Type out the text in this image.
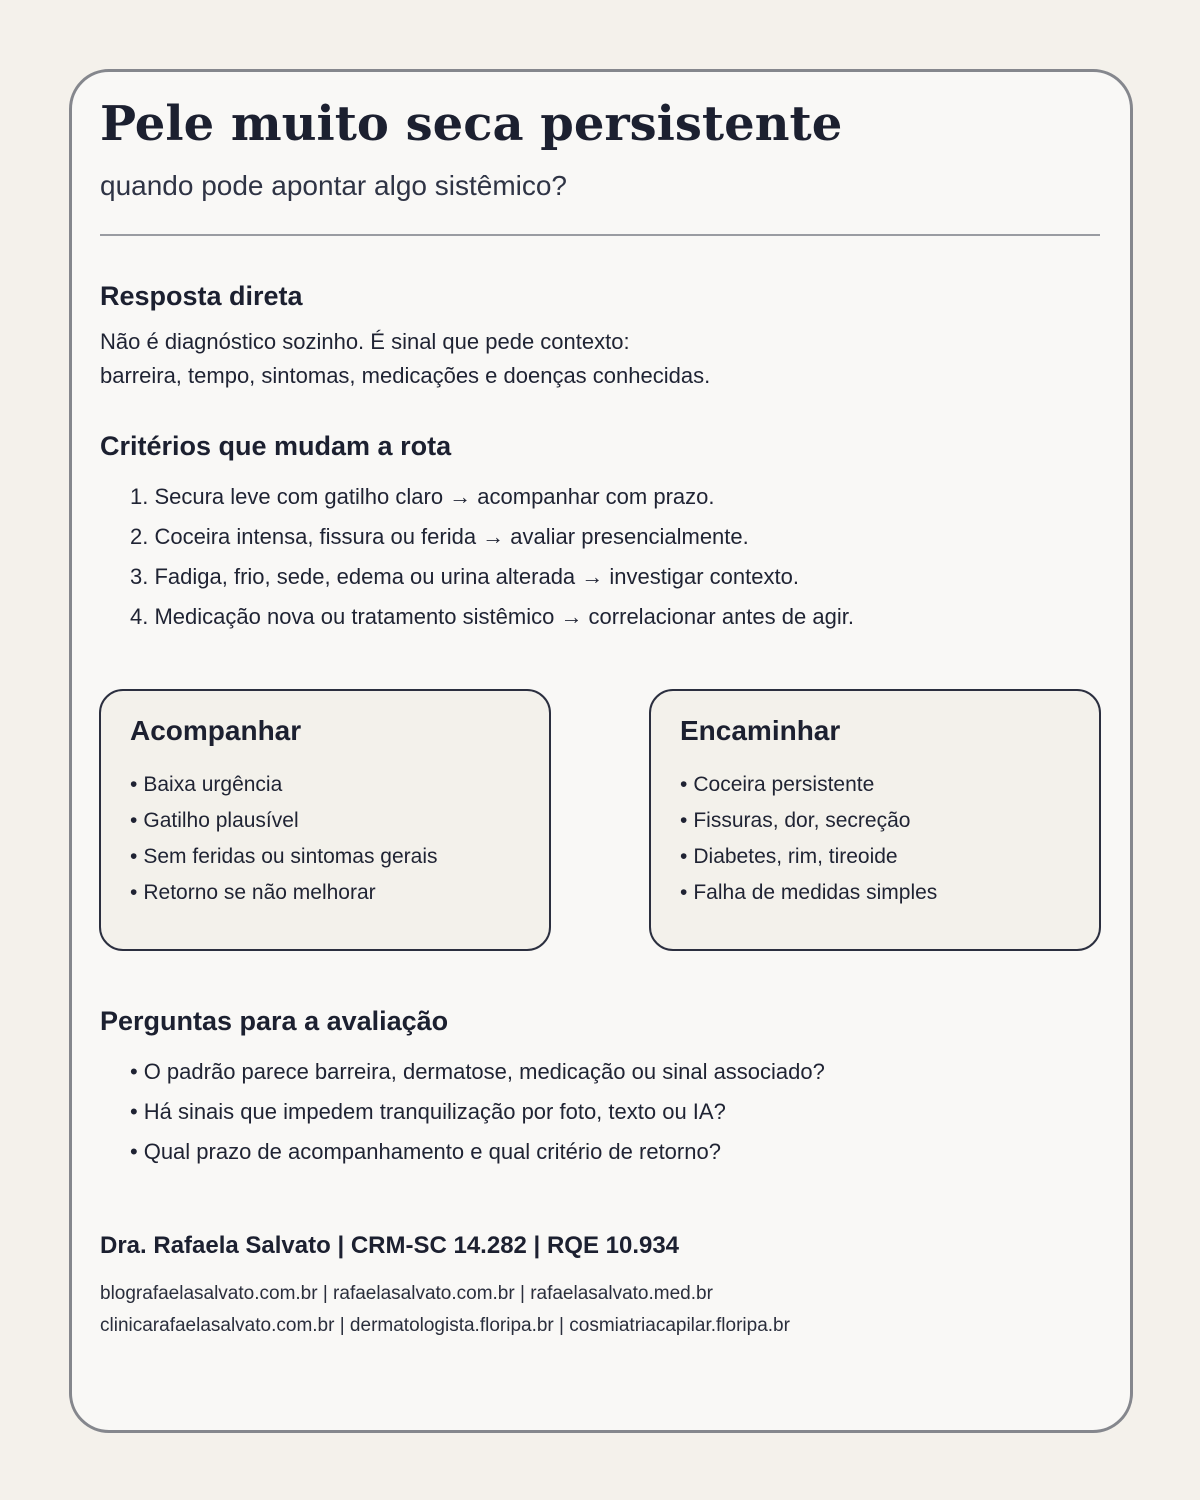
Pele muito seca persistente

quando pode apontar algo sistêmico?

Resposta direta

Não é diagnóstico sozinho. É sinal que pede contexto:
barreira, tempo, sintomas, medicações e doenças conhecidas.

Critérios que mudam a rota
1. Secura leve com gatilho claro → acompanhar com prazo.
2. Coceira intensa, fissura ou ferida → avaliar presencialmente.
3. Fadiga, frio, sede, edema ou urina alterada → investigar contexto.
4. Medicação nova ou tratamento sistêmico → correlacionar antes de agir.
Acompanhar
• Baixa urgência
• Gatilho plausível
• Sem feridas ou sintomas gerais
• Retorno se não melhorar
Encaminhar
• Coceira persistente
• Fissuras, dor, secreção
• Diabetes, rim, tireoide
• Falha de medidas simples
Perguntas para a avaliação
• O padrão parece barreira, dermatose, medicação ou sinal associado?
• Há sinais que impedem tranquilização por foto, texto ou IA?
• Qual prazo de acompanhamento e qual critério de retorno?

Dra. Rafaela Salvato | CRM-SC 14.282 | RQE 10.934

blografaelasalvato.com.br | rafaelasalvato.com.br | rafaelasalvato.med.br
clinicarafaelasalvato.com.br | dermatologista.floripa.br | cosmiatriacapilar.floripa.br
